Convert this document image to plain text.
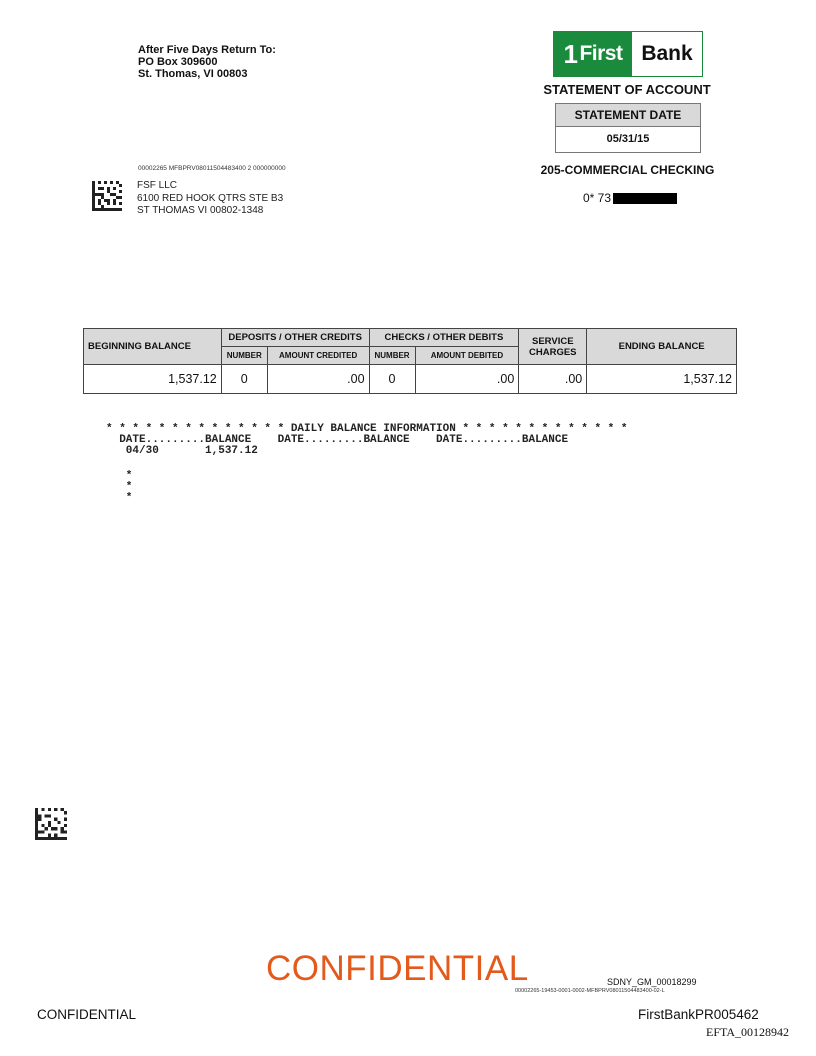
After Five Days Return To:
PO Box 309600
St. Thomas, VI 00803
1 First Bank
STATEMENT OF ACCOUNT
STATEMENT DATE
05/31/15
205-COMMERCIAL CHECKING
0* 73
00002265 MFBPRV08011504483400 2 000000000
FSF LLC
6100 RED HOOK QTRS STE B3
ST THOMAS VI 00802-1348
BEGINNING BALANCE	DEPOSITS / OTHER CREDITS		CHECKS / OTHER DEBITS		SERVICE
CHARGES	ENDING BALANCE
	NUMBER	AMOUNT CREDITED	NUMBER	AMOUNT DEBITED		
1,537.12	0	.00	0	.00	.00	1,537.12
* * * * * * * * * * * * * * DAILY BALANCE INFORMATION * * * * * * * * * * * * *
DATE.........BALANCE    DATE.........BALANCE    DATE.........BALANCE
04/30       1,537.12
*
*
*
CONFIDENTIAL	SDNY_GM_00018299
00002265-19453-0001-0002-MFBPRV08011504483400-02-L
CONFIDENTIAL	FirstBankPR005462
EFTA_00128942
